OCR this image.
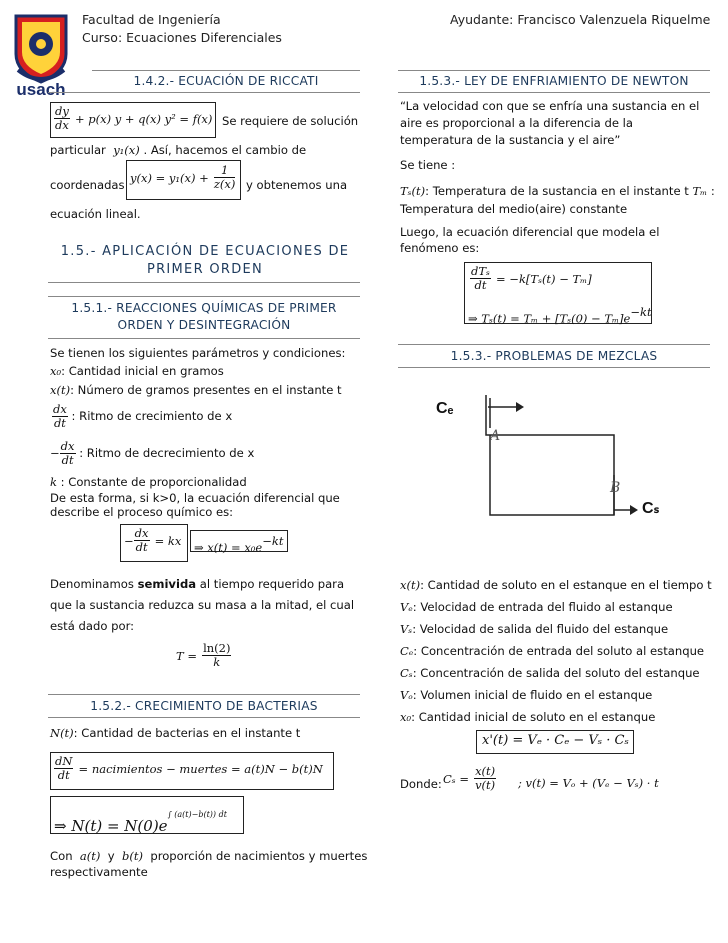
usach
Facultad de Ingeniería
Curso: Ecuaciones Diferenciales
Ayudante: Francisco Valenzuela Riquelme
1.4.2.- ECUACIÓN DE RICCATI
$\frac{dy}{dx} + p(x) y + q(x) y^2 = f(x)$ Se requiere de solución
particular y₁(x) . Así, hacemos el cambio de
coordenadas $y(x) = y_1(x) + \frac{1}{z(x)}$ y obtenemos una
ecuación lineal.
1.5.- APLICACIÓN DE ECUACIONES DE
PRIMER ORDEN
1.5.1.- REACCIONES QUÍMICAS DE PRIMER
ORDEN Y DESINTEGRACIÓN
Se tienen los siguientes parámetros y condiciones:
x₀: Cantidad inicial en gramos
x(t): Número de gramos presentes en el instante t
$\frac{dx}{dt}$ : Ritmo de crecimiento de x
− $\frac{dx}{dt}$ : Ritmo de decrecimiento de x
k : Constante de proporcionalidad
De esta forma, si k>0, la ecuación diferencial que describe el proceso químico es:
− $\frac{dx}{dt}$ = kx ⇒ $x(t) = x_0e^{-kt}$
Denominamos semivida al tiempo requerido para que la sustancia reduzca su masa a la mitad, el cual está dado por:
$T = \frac{\ln(2)}{k}$
1.5.2.- CRECIMIENTO DE BACTERIAS
N(t): Cantidad de bacterias en el instante t
$\frac{dN}{dt}$ = nacimientos − muertes = a(t)N − b(t)N
⇒ $N(t) = N(0)e^{\int (a(t)-b(t)) dt}$
Con a(t) y b(t) proporción de nacimientos y muertes
respectivamente
1.5.3.- LEY DE ENFRIAMIENTO DE NEWTON
“La velocidad con que se enfría una sustancia en el aire es proporcional a la diferencia de la temperatura de la sustancia y el aire”
Se tiene :
Tₛ(t): Temperatura de la sustancia en el instante t Tₘ :
Temperatura del medio(aire) constante
Luego, la ecuación diferencial que modela el fenómeno es:
$\frac{\text{dTₛ}}{dt} = -k[T_s(t) - T_m]$
⇒ $T_s(t) = T_m + [T_s(0) - T_m]e^{-kt}$
1.5.3.- PROBLEMAS DE MEZCLAS
Cₑ
A
B
Cₛ
x(t): Cantidad de soluto en el estanque en el tiempo t
Vₑ: Velocidad de entrada del fluido al estanque
Vₛ: Velocidad de salida del fluido del estanque
Cₑ: Concentración de entrada del soluto al estanque
Cₛ: Concentración de salida del soluto del estanque
Vₒ: Volumen inicial de fluido en el estanque
x₀: Cantidad inicial de soluto en el estanque
x'(t) = Vₑ · Cₑ − Vₛ · Cₛ
Donde: $C_s = \frac{x(t)}{v(t)}$ ; v(t) = Vₒ + (Vₑ − Vₛ) · t
